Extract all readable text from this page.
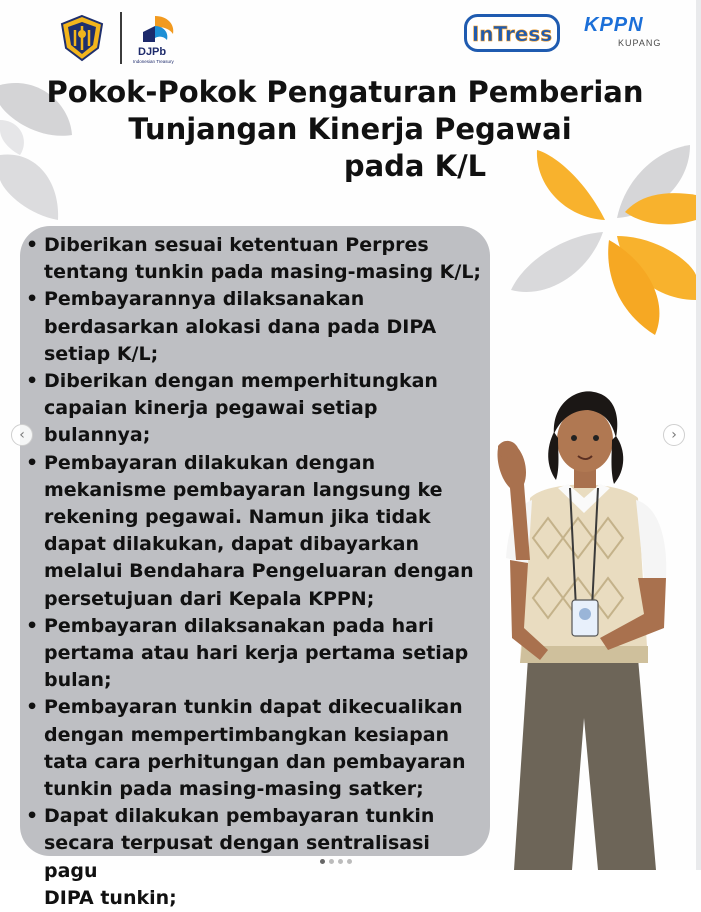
DJPb
Indonesian Treasury
InTress KPPN
KUPANG
Pokok-Pokok Pengaturan Pemberian
Tunjangan Kinerja Pegawai
pada K/L
• Diberikan sesuai ketentuan Perpres
tentang tunkin pada masing-masing K/L;
• Pembayarannya dilaksanakan
berdasarkan alokasi dana pada DIPA
setiap K/L;
• Diberikan dengan memperhitungkan
capaian kinerja pegawai setiap bulannya;
• Pembayaran dilakukan dengan
mekanisme pembayaran langsung ke
rekening pegawai. Namun jika tidak
dapat dilakukan, dapat dibayarkan
melalui Bendahara Pengeluaran dengan
persetujuan dari Kepala KPPN;
• Pembayaran dilaksanakan pada hari
pertama atau hari kerja pertama setiap
bulan;
• Pembayaran tunkin dapat dikecualikan
dengan mempertimbangkan kesiapan
tata cara perhitungan dan pembayaran
tunkin pada masing-masing satker;
• Dapat dilakukan pembayaran tunkin
secara terpusat dengan sentralisasi pagu
DIPA tunkin;
‹	›
